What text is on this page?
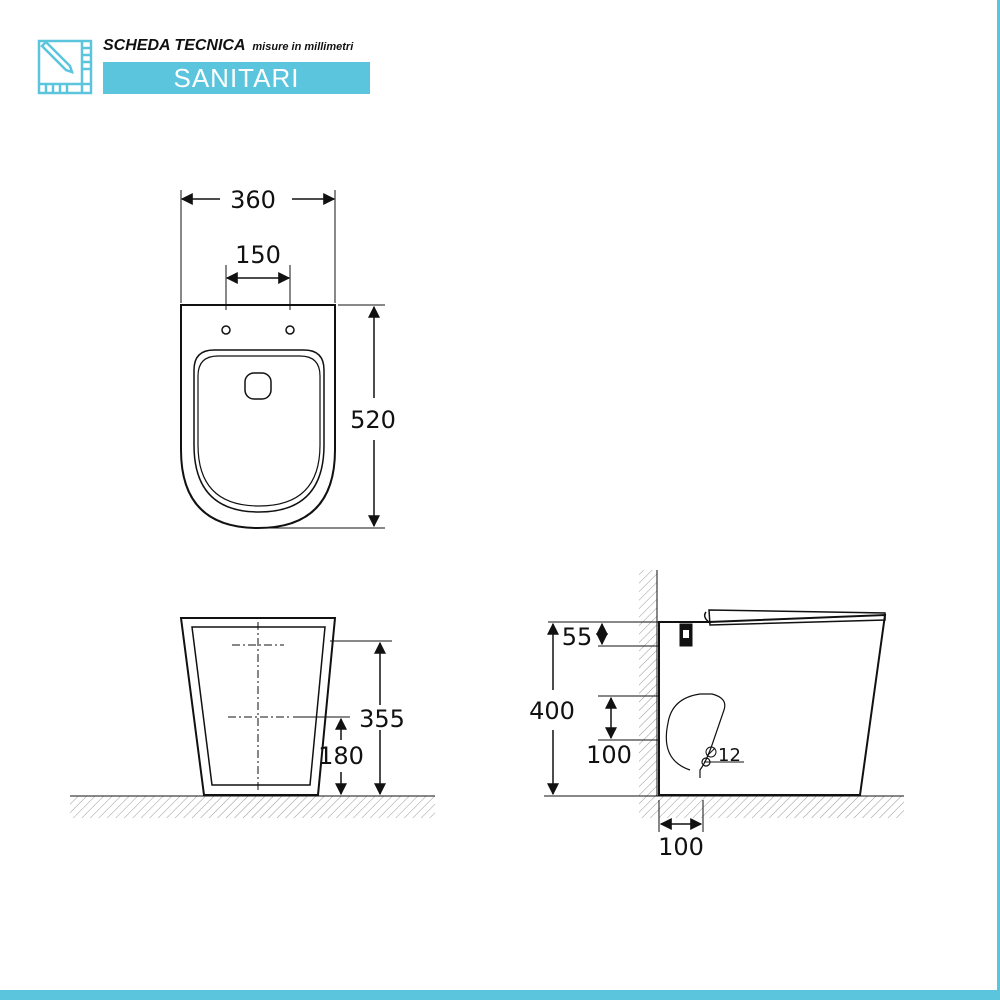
SCHEDA TECNICA misure in millimetri
SANITARI
360
150
520
355
180
55
400
100	12
100
